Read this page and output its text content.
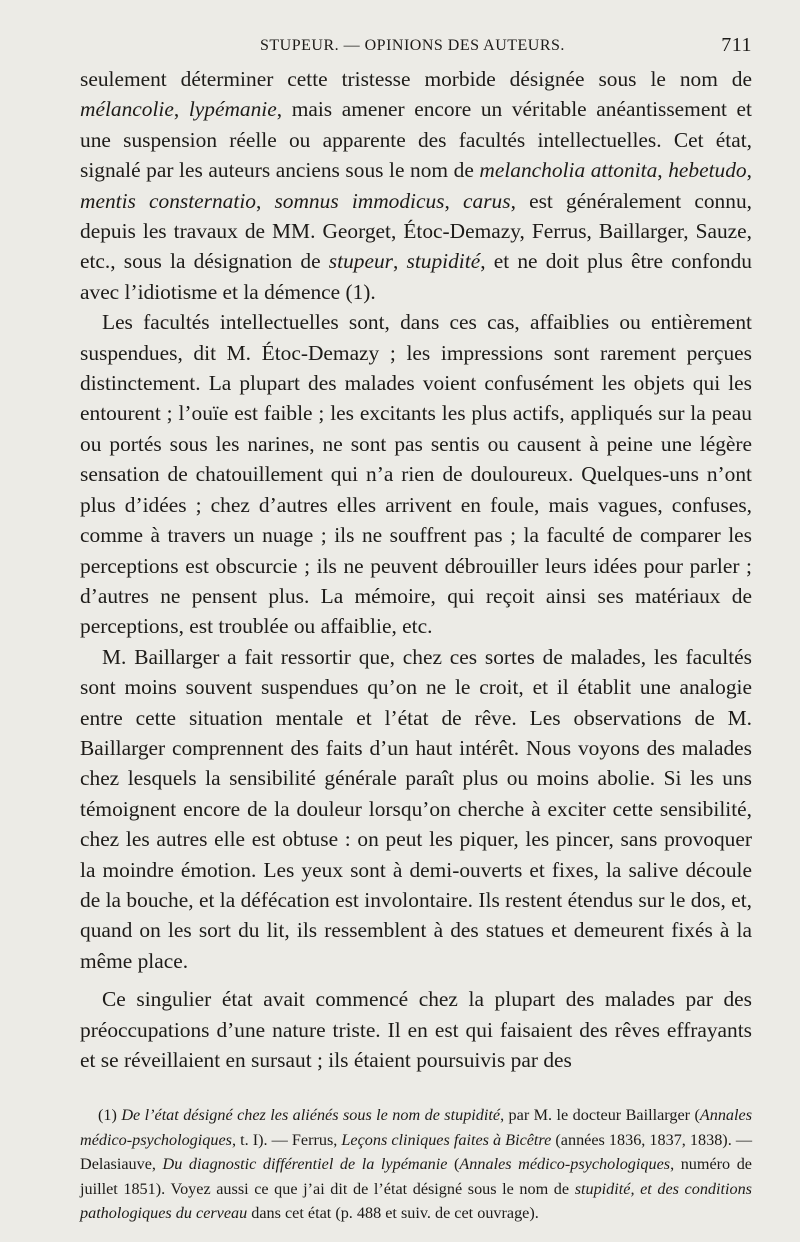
STUPEUR. — OPINIONS DES AUTEURS.	711

seulement déterminer cette tristesse morbide désignée sous le nom de mélancolie, lypémanie, mais amener encore un véritable anéantissement et une suspension réelle ou apparente des facultés intellectuelles. Cet état, signalé par les auteurs anciens sous le nom de melancholia attonita, hebetudo, mentis consternatio, somnus immodicus, carus, est généralement connu, depuis les travaux de MM. Georget, Étoc-Demazy, Ferrus, Baillarger, Sauze, etc., sous la désignation de stupeur, stupidité, et ne doit plus être confondu avec l’idiotisme et la démence (1).

Les facultés intellectuelles sont, dans ces cas, affaiblies ou entièrement suspendues, dit M. Étoc-Demazy ; les impressions sont rarement perçues distinctement. La plupart des malades voient confusément les objets qui les entourent ; l’ouïe est faible ; les excitants les plus actifs, appliqués sur la peau ou portés sous les narines, ne sont pas sentis ou causent à peine une légère sensation de chatouillement qui n’a rien de douloureux. Quelques-uns n’ont plus d’idées ; chez d’autres elles arrivent en foule, mais vagues, confuses, comme à travers un nuage ; ils ne souffrent pas ; la faculté de comparer les perceptions est obscurcie ; ils ne peuvent débrouiller leurs idées pour parler ; d’autres ne pensent plus. La mémoire, qui reçoit ainsi ses matériaux de perceptions, est troublée ou affaiblie, etc.

M. Baillarger a fait ressortir que, chez ces sortes de malades, les facultés sont moins souvent suspendues qu’on ne le croit, et il établit une analogie entre cette situation mentale et l’état de rêve. Les observations de M. Baillarger comprennent des faits d’un haut intérêt. Nous voyons des malades chez lesquels la sensibilité générale paraît plus ou moins abolie. Si les uns témoignent encore de la douleur lorsqu’on cherche à exciter cette sensibilité, chez les autres elle est obtuse : on peut les piquer, les pincer, sans provoquer la moindre émotion. Les yeux sont à demi-ouverts et fixes, la salive découle de la bouche, et la défécation est involontaire. Ils restent étendus sur le dos, et, quand on les sort du lit, ils ressemblent à des statues et demeurent fixés à la même place.

Ce singulier état avait commencé chez la plupart des malades par des préoccupations d’une nature triste. Il en est qui faisaient des rêves effrayants et se réveillaient en sursaut ; ils étaient poursuivis par des

(1) De l’état désigné chez les aliénés sous le nom de stupidité, par M. le docteur Baillarger (Annales médico-psychologiques, t. I). — Ferrus, Leçons cliniques faites à Bicêtre (années 1836, 1837, 1838). — Delasiauve, Du diagnostic différentiel de la lypémanie (Annales médico-psychologiques, numéro de juillet 1851). Voyez aussi ce que j’ai dit de l’état désigné sous le nom de stupidité, et des conditions pathologiques du cerveau dans cet état (p. 488 et suiv. de cet ouvrage).
